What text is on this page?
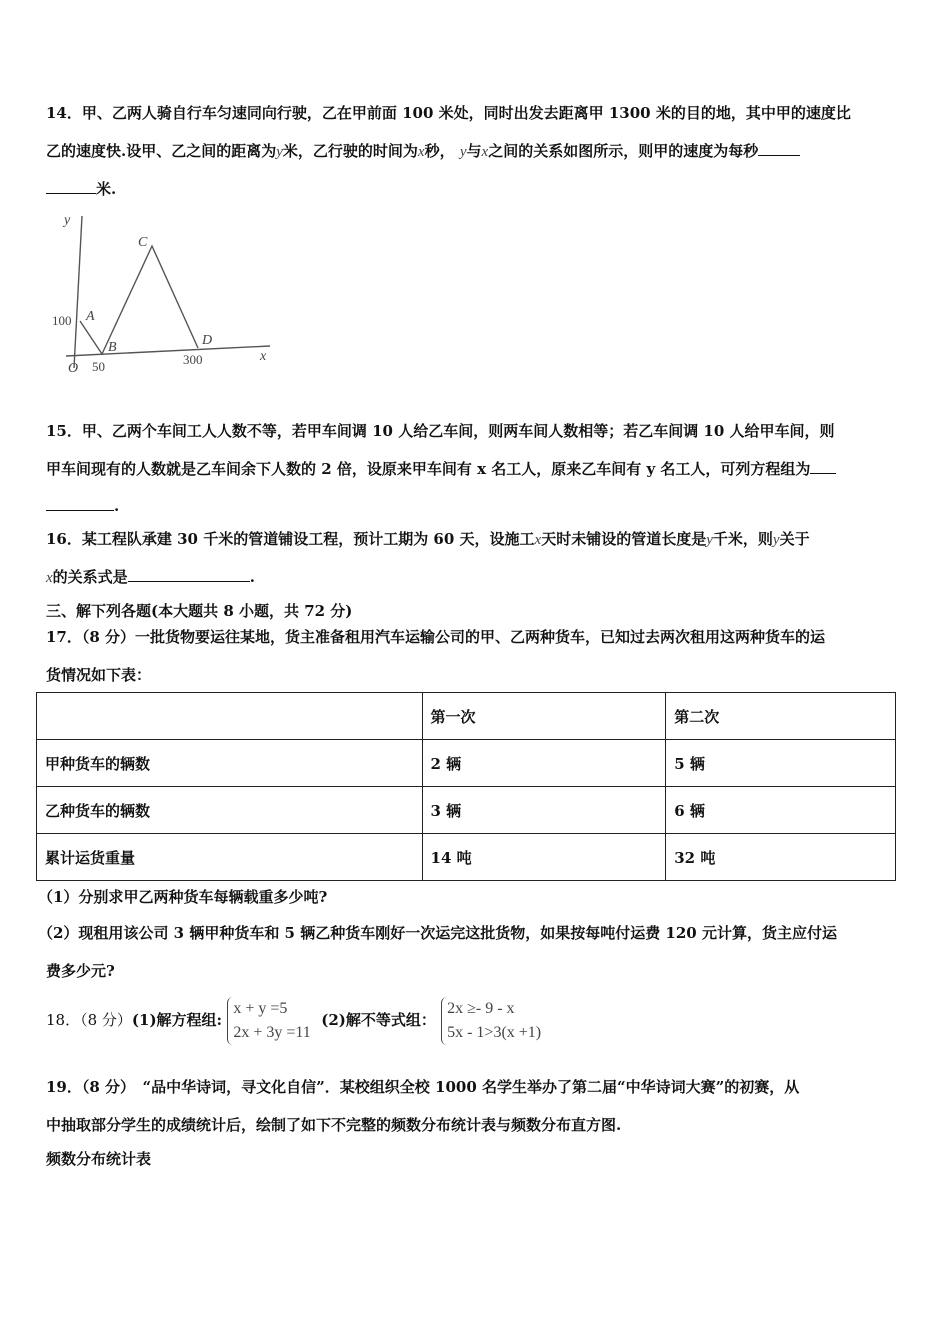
14．甲、乙两人骑自行车匀速同向行驶，乙在甲前面 100 米处，同时出发去距离甲 1300 米的目的地，其中甲的速度比
乙的速度快.设甲、乙之间的距离为y米，乙行驶的时间为x秒， y与x之间的关系如图所示，则甲的速度为每秒
米.
y
x
O
A
B
C
D
100
50	300
15．甲、乙两个车间工人人数不等，若甲车间调 10 人给乙车间，则两车间人数相等；若乙车间调 10 人给甲车间，则
甲车间现有的人数就是乙车间余下人数的 2 倍，设原来甲车间有 x 名工人，原来乙车间有 y 名工人，可列方程组为
.
16．某工程队承建 30 千米的管道铺设工程，预计工期为 60 天，设施工x天时未铺设的管道长度是y千米，则y关于
x的关系式是	.
三、解下列各题(本大题共 8 小题，共 72 分)
17．（8 分）一批货物要运往某地，货主准备租用汽车运输公司的甲、乙两种货车，已知过去两次租用这两种货车的运
货情况如下表：
	第一次	第二次
甲种货车的辆数	2 辆	5 辆
乙种货车的辆数	3 辆	6 辆
累计运货重量	14 吨	32 吨
（1）分别求甲乙两种货车每辆载重多少吨?
（2）现租用该公司 3 辆甲种货车和 5 辆乙种货车刚好一次运完这批货物，如果按每吨付运费 120 元计算，货主应付运
费多少元?
18．（8 分）(1)解方程组: x + y =5
2x + 3y =11  (2)解不等式组： 2x ≥- 9 - x
5x - 1>3(x +1)
19．（8 分）　“品中华诗词，寻文化自信”．某校组织全校 1000 名学生举办了第二届“中华诗词大赛”的初赛，从
中抽取部分学生的成绩统计后，绘制了如下不完整的频数分布统计表与频数分布直方图.
频数分布统计表
